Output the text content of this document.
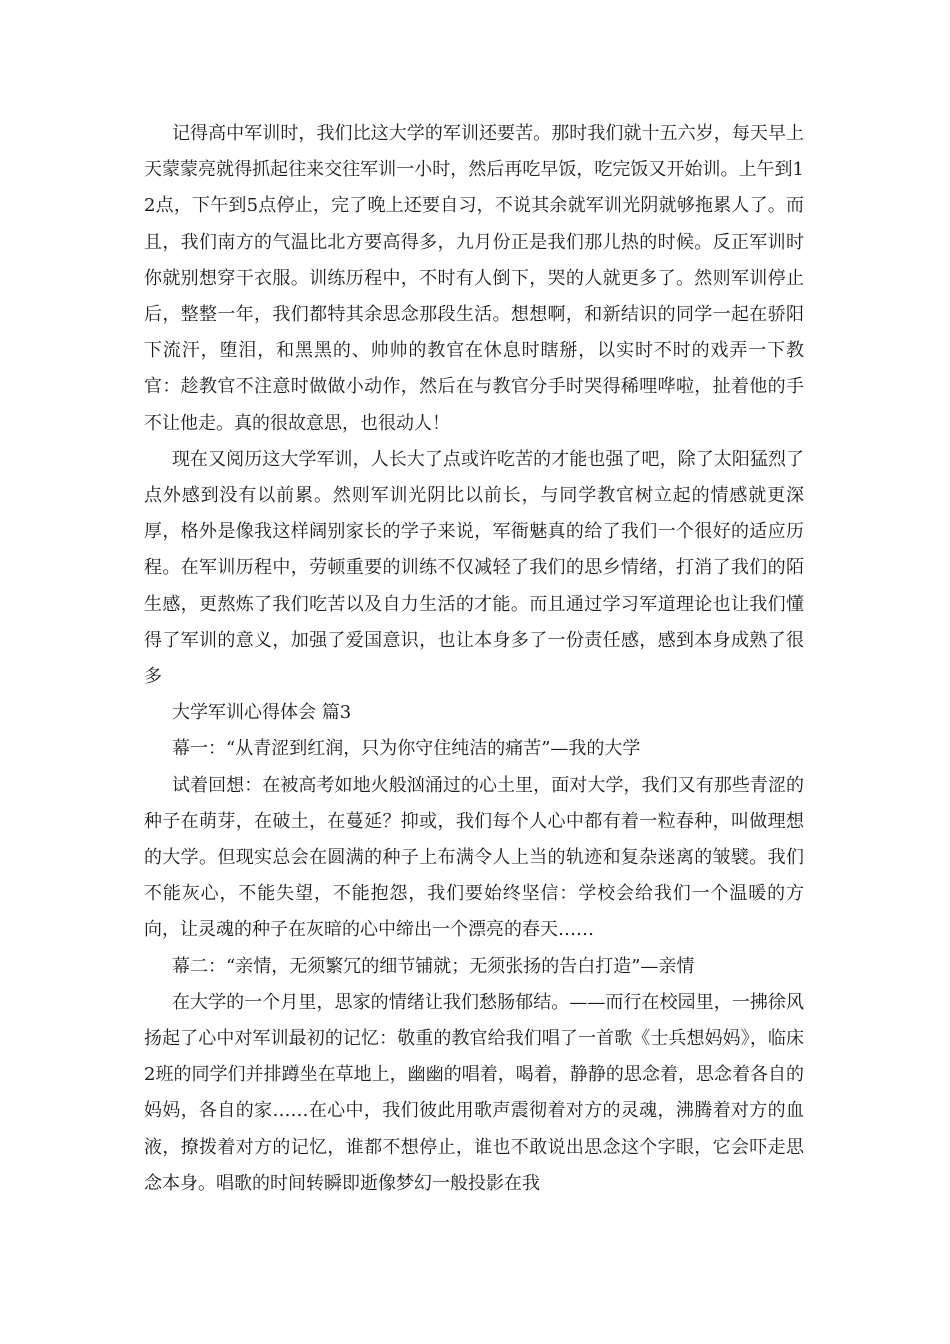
记得高中军训时，我们比这大学的军训还要苦。那时我们就十五六岁，每天早上天蒙蒙亮就得抓起往来交往军训一小时，然后再吃早饭，吃完饭又开始训。上午到12点，下午到5点停止，完了晚上还要自习，不说其余就军训光阴就够拖累人了。而且，我们南方的气温比北方要高得多，九月份正是我们那儿热的时候。反正军训时你就别想穿干衣服。训练历程中，不时有人倒下，哭的人就更多了。然则军训停止后，整整一年，我们都特其余思念那段生活。想想啊，和新结识的同学一起在骄阳下流汗，堕泪，和黑黑的、帅帅的教官在休息时瞎掰，以实时不时的戏弄一下教官：趁教官不注意时做做小动作，然后在与教官分手时哭得稀哩哗啦，扯着他的手不让他走。真的很故意思，也很动人！

现在又阅历这大学军训，人长大了点或许吃苦的才能也强了吧，除了太阳猛烈了点外感到没有以前累。然则军训光阴比以前长，与同学教官树立起的情感就更深厚，格外是像我这样阔别家长的学子来说，军衙魅真的给了我们一个很好的适应历程。在军训历程中，劳顿重要的训练不仅减轻了我们的思乡情绪，打消了我们的陌生感，更熬炼了我们吃苦以及自力生活的才能。而且通过学习军道理论也让我们懂得了军训的意义，加强了爱国意识，也让本身多了一份责任感，感到本身成熟了很多

大学军训心得体会 篇3

幕一：“从青涩到红润，只为你守住纯洁的痛苦”—我的大学

试着回想：在被高考如地火般汹涌过的心土里，面对大学，我们又有那些青涩的种子在萌芽，在破土，在蔓延？抑或，我们每个人心中都有着一粒春种，叫做理想的大学。但现实总会在圆满的种子上布满令人上当的轨迹和复杂迷离的皱襞。我们不能灰心，不能失望，不能抱怨，我们要始终坚信：学校会给我们一个温暖的方向，让灵魂的种子在灰暗的心中缔出一个漂亮的春天……

幕二：“亲情，无须繁冗的细节铺就；无须张扬的告白打造”—亲情

在大学的一个月里，思家的情绪让我们愁肠郁结。——而行在校园里，一拂徐风扬起了心中对军训最初的记忆：敬重的教官给我们唱了一首歌《士兵想妈妈》，临床2班的同学们并排蹲坐在草地上，幽幽的唱着，喝着，静静的思念着，思念着各自的妈妈，各自的家……在心中，我们彼此用歌声震彻着对方的灵魂，沸腾着对方的血液，撩拨着对方的记忆，谁都不想停止，谁也不敢说出思念这个字眼，它会吓走思念本身。唱歌的时间转瞬即逝像梦幻一般投影在我
